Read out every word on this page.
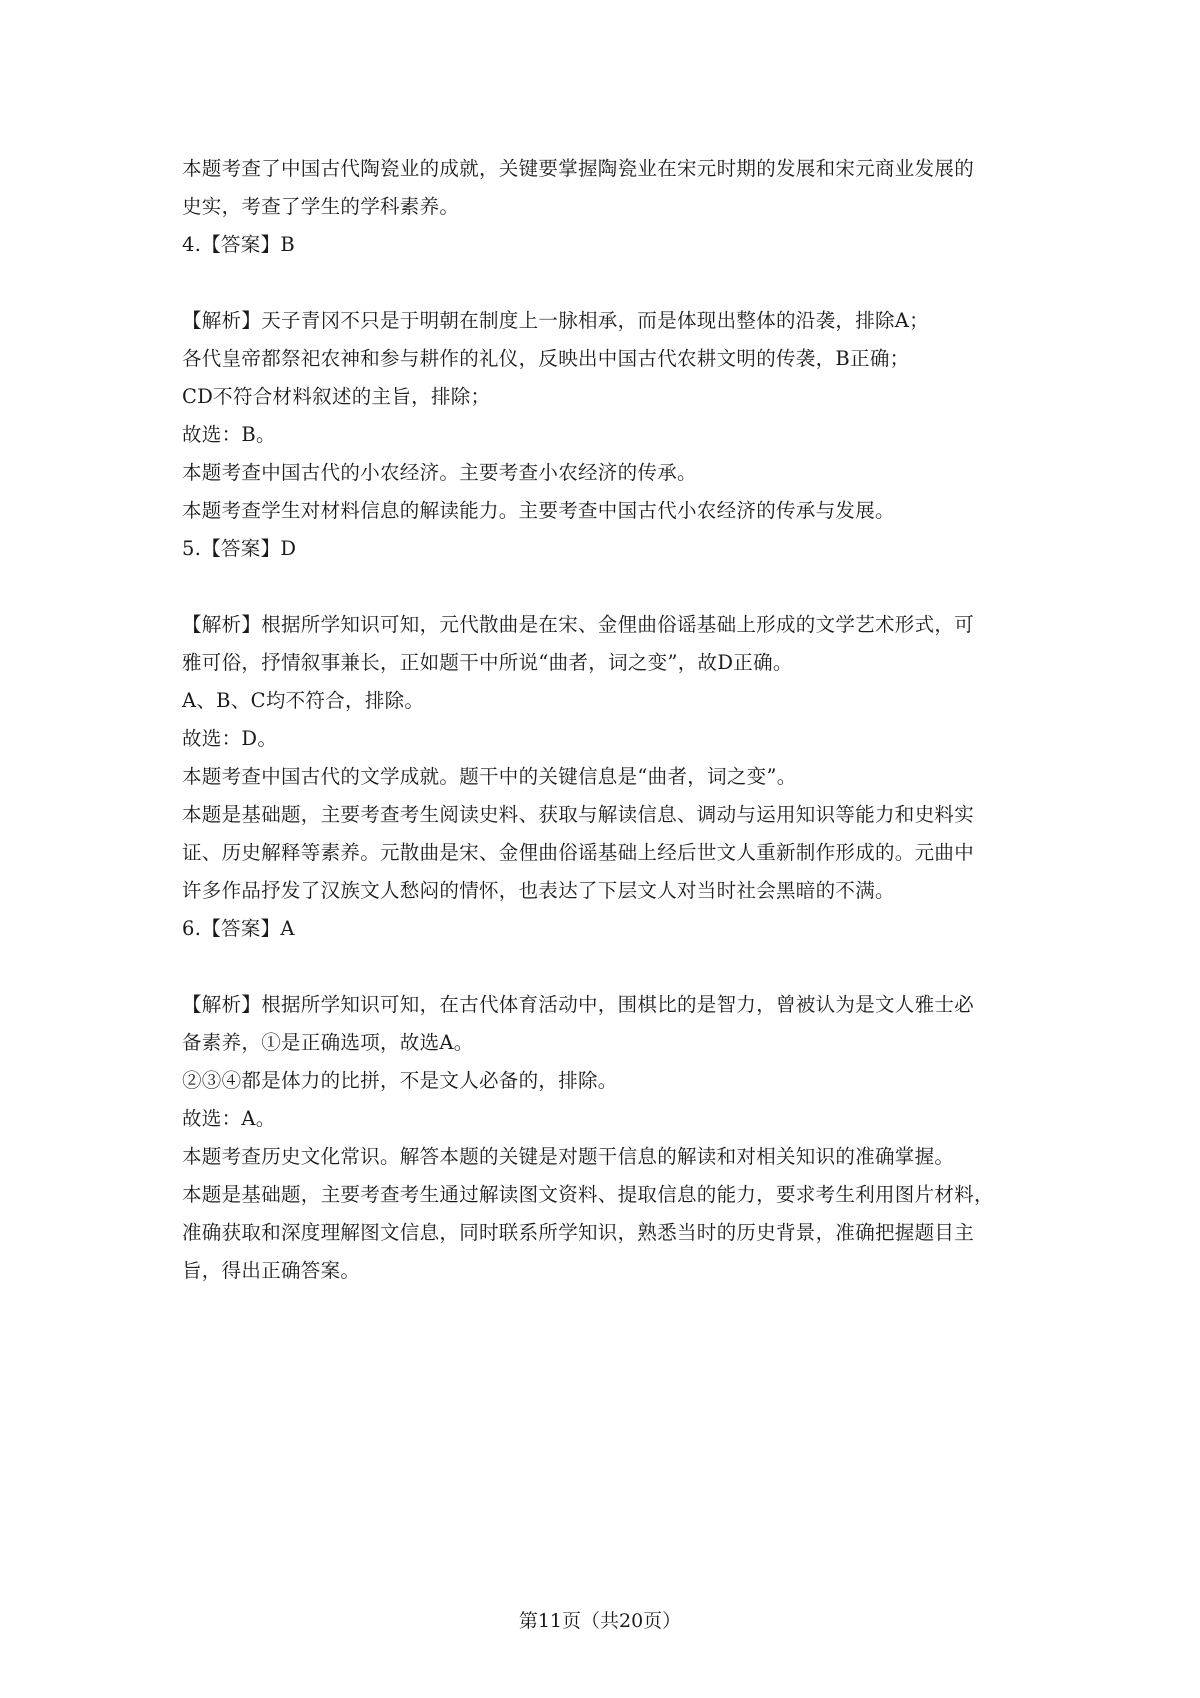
本题考查了中国古代陶瓷业的成就，关键要掌握陶瓷业在宋元时期的发展和宋元商业发展的
史实，考查了学生的学科素养。
4.【答案】B
【解析】天子青冈不只是于明朝在制度上一脉相承，而是体现出整体的沿袭，排除A；
各代皇帝都祭祀农神和参与耕作的礼仪，反映出中国古代农耕文明的传袭，B正确；
CD不符合材料叙述的主旨，排除；
故选：B。
本题考查中国古代的小农经济。主要考查小农经济的传承。
本题考查学生对材料信息的解读能力。主要考查中国古代小农经济的传承与发展。
5.【答案】D
【解析】根据所学知识可知，元代散曲是在宋、金俚曲俗谣基础上形成的文学艺术形式，可
雅可俗，抒情叙事兼长，正如题干中所说“曲者，词之变”，故D正确。
A、B、C均不符合，排除。
故选：D。
本题考查中国古代的文学成就。题干中的关键信息是“曲者，词之变”。
本题是基础题，主要考查考生阅读史料、获取与解读信息、调动与运用知识等能力和史料实
证、历史解释等素养。元散曲是宋、金俚曲俗谣基础上经后世文人重新制作形成的。元曲中
许多作品抒发了汉族文人愁闷的情怀，也表达了下层文人对当时社会黑暗的不满。
6.【答案】A
【解析】根据所学知识可知，在古代体育活动中，围棋比的是智力，曾被认为是文人雅士必
备素养，①是正确选项，故选A。
②③④都是体力的比拼，不是文人必备的，排除。
故选：A。
本题考查历史文化常识。解答本题的关键是对题干信息的解读和对相关知识的准确掌握。
本题是基础题，主要考查考生通过解读图文资料、提取信息的能力，要求考生利用图片材料，
准确获取和深度理解图文信息，同时联系所学知识，熟悉当时的历史背景，准确把握题目主
旨，得出正确答案。
第11页（共20页）
